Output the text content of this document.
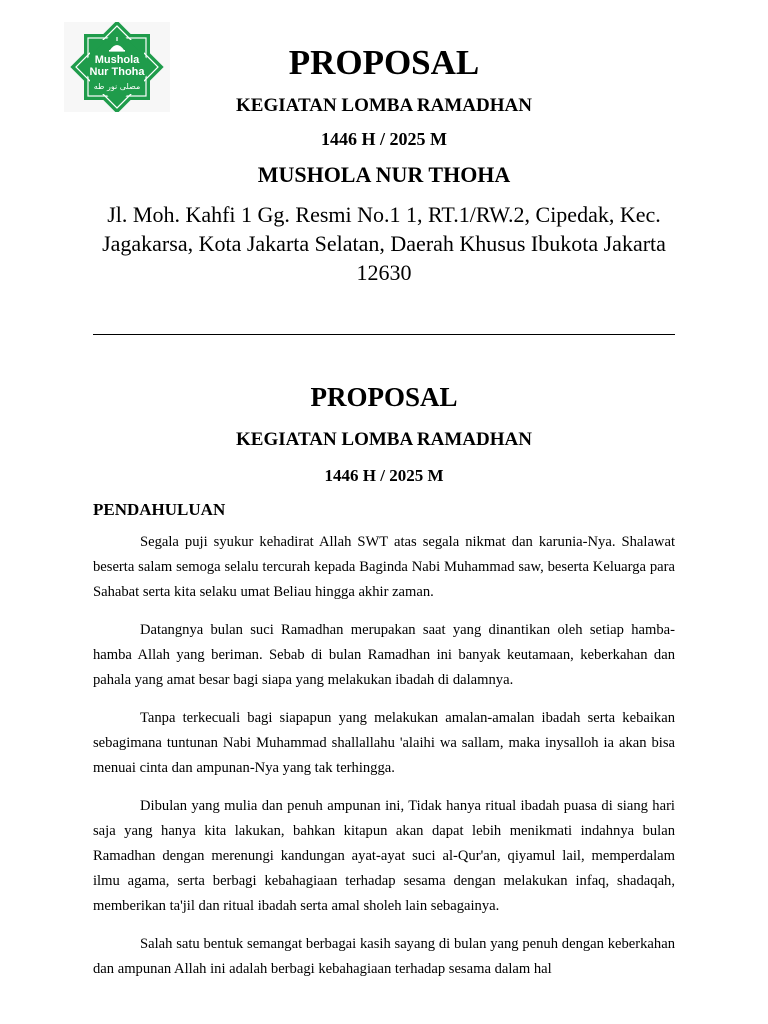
Mushola
Nur Thoha
مصلى نور طه
PROPOSAL
KEGIATAN LOMBA RAMADHAN
1446 H / 2025 M
MUSHOLA NUR THOHA
Jl. Moh. Kahfi 1 Gg. Resmi No.1 1, RT.1/RW.2, Cipedak, Kec. Jagakarsa, Kota Jakarta Selatan, Daerah Khusus Ibukota Jakarta 12630
PROPOSAL
KEGIATAN LOMBA RAMADHAN
1446 H / 2025 M
PENDAHULUAN

Segala puji syukur kehadirat Allah SWT atas segala nikmat dan karunia-Nya. Shalawat beserta salam semoga selalu tercurah kepada Baginda Nabi Muhammad saw, beserta Keluarga para Sahabat serta kita selaku umat Beliau hingga akhir zaman.

Datangnya bulan suci Ramadhan merupakan saat yang dinantikan oleh setiap hamba-hamba Allah yang beriman. Sebab di bulan Ramadhan ini banyak keutamaan, keberkahan dan pahala yang amat besar bagi siapa yang melakukan ibadah di dalamnya.

Tanpa terkecuali bagi siapapun yang melakukan amalan-amalan ibadah serta kebaikan sebagimana tuntunan Nabi Muhammad shallallahu 'alaihi wa sallam, maka inysalloh ia akan bisa menuai cinta dan ampunan-Nya yang tak terhingga.

Dibulan yang mulia dan penuh ampunan ini, Tidak hanya ritual ibadah puasa di siang hari saja yang hanya kita lakukan, bahkan kitapun akan dapat lebih menikmati indahnya bulan Ramadhan dengan merenungi kandungan ayat-ayat suci al-Qur'an, qiyamul lail, memperdalam ilmu agama, serta berbagi kebahagiaan terhadap sesama dengan melakukan infaq, shadaqah, memberikan ta'jil dan ritual ibadah serta amal sholeh lain sebagainya.

Salah satu bentuk semangat berbagai kasih sayang di bulan yang penuh dengan keberkahan dan ampunan Allah ini adalah berbagi kebahagiaan terhadap sesama dalam hal
